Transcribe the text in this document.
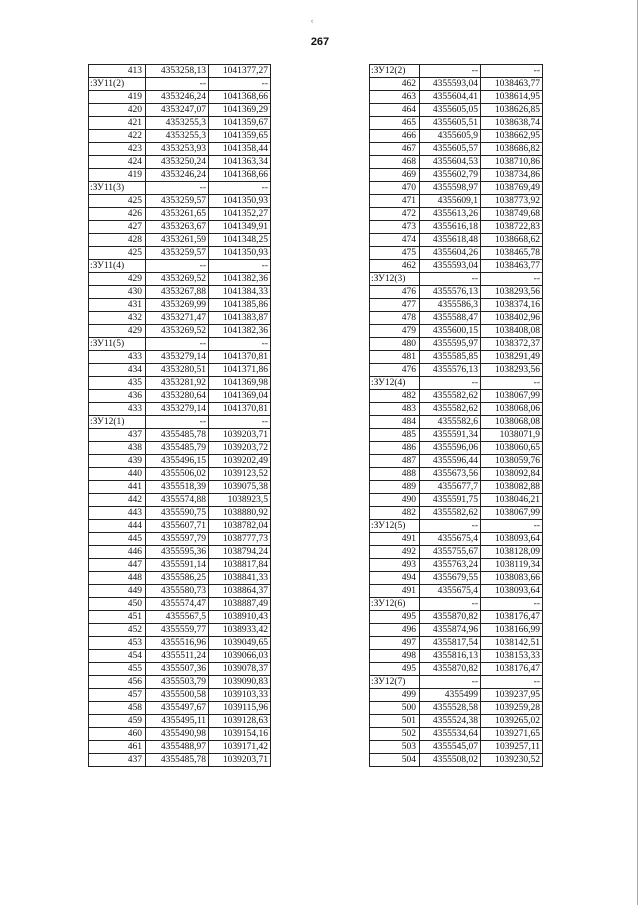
¢
267
413	4353258,13	1041377,27
:ЗУ11(2)	--	--
419	4353246,24	1041368,66
420	4353247,07	1041369,29
421	4353255,3	1041359,67
422	4353255,3	1041359,65
423	4353253,93	1041358,44
424	4353250,24	1041363,34
419	4353246,24	1041368,66
:ЗУ11(3)	--	--
425	4353259,57	1041350,93
426	4353261,65	1041352,27
427	4353263,67	1041349,91
428	4353261,59	1041348,25
425	4353259,57	1041350,93
:ЗУ11(4)	--	--
429	4353269,52	1041382,36
430	4353267,88	1041384,33
431	4353269,99	1041385,86
432	4353271,47	1041383,87
429	4353269,52	1041382,36
:ЗУ11(5)	--	--
433	4353279,14	1041370,81
434	4353280,51	1041371,86
435	4353281,92	1041369,98
436	4353280,64	1041369,04
433	4353279,14	1041370,81
:ЗУ12(1)	--	--
437	4355485,78	1039203,71
438	4355485,79	1039203,72
439	4355496,15	1039202,49
440	4355506,02	1039123,52
441	4355518,39	1039075,38
442	4355574,88	1038923,5
443	4355590,75	1038880,92
444	4355607,71	1038782,04
445	4355597,79	1038777,73
446	4355595,36	1038794,24
447	4355591,14	1038817,84
448	4355586,25	1038841,33
449	4355580,73	1038864,37
450	4355574,47	1038887,49
451	4355567,5	1038910,43
452	4355559,77	1038933,42
453	4355516,96	1039049,65
454	4355511,24	1039066,03
455	4355507,36	1039078,37
456	4355503,79	1039090,83
457	4355500,58	1039103,33
458	4355497,67	1039115,96
459	4355495,11	1039128,63
460	4355490,98	1039154,16
461	4355488,97	1039171,42
437	4355485,78	1039203,71
:ЗУ12(2)	--	--
462	4355593,04	1038463,77
463	4355604,41	1038614,95
464	4355605,05	1038626,85
465	4355605,51	1038638,74
466	4355605,9	1038662,95
467	4355605,57	1038686,82
468	4355604,53	1038710,86
469	4355602,79	1038734,86
470	4355598,97	1038769,49
471	4355609,1	1038773,92
472	4355613,26	1038749,68
473	4355616,18	1038722,83
474	4355618,48	1038668,62
475	4355604,26	1038465,78
462	4355593,04	1038463,77
:ЗУ12(3)	--	--
476	4355576,13	1038293,56
477	4355586,3	1038374,16
478	4355588,47	1038402,96
479	4355600,15	1038408,08
480	4355595,97	1038372,37
481	4355585,85	1038291,49
476	4355576,13	1038293,56
:ЗУ12(4)	--	--
482	4355582,62	1038067,99
483	4355582,62	1038068,06
484	4355582,6	1038068,08
485	4355591,34	1038071,9
486	4355596,06	1038060,65
487	4355596,44	1038059,76
488	4355673,56	1038092,84
489	4355677,7	1038082,88
490	4355591,75	1038046,21
482	4355582,62	1038067,99
:ЗУ12(5)	--	--
491	4355675,4	1038093,64
492	4355755,67	1038128,09
493	4355763,24	1038119,34
494	4355679,55	1038083,66
491	4355675,4	1038093,64
:ЗУ12(6)	--	--
495	4355870,82	1038176,47
496	4355874,96	1038166,99
497	4355817,54	1038142,51
498	4355816,13	1038153,33
495	4355870,82	1038176,47
:ЗУ12(7)	--	--
499	4355499	1039237,95
500	4355528,58	1039259,28
501	4355524,38	1039265,02
502	4355534,64	1039271,65
503	4355545,07	1039257,11
504	4355508,02	1039230,52
